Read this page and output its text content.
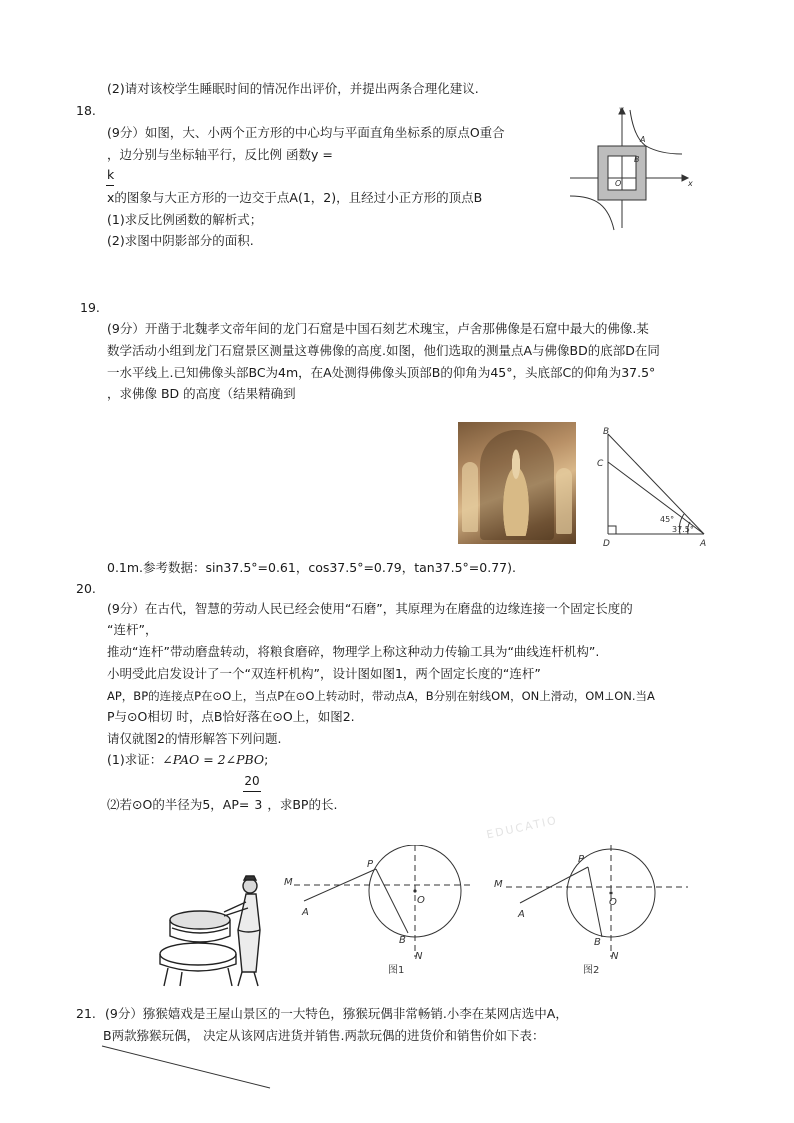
(2)请对该校学生睡眠时间的情况作出评价，并提出两条合理化建议.
18.
(9分）如图，大、小两个正方形的中心均与平面直角坐标系的原点O重合
，边分别与坐标轴平行，反比例 函数y =
k
x的图象与大正方形的一边交于点A(1，2)，且经过小正方形的顶点B
(1)求反比例函数的解析式；
(2)求图中阴影部分的面积.
y
x
A
B
O
19.
(9分）开凿于北魏孝文帝年间的龙门石窟是中国石刻艺术瑰宝，卢舍那佛像是石窟中最大的佛像.某
数学活动小组到龙门石窟景区测量这尊佛像的高度.如图，他们选取的测量点A与佛像BD的底部D在同
一水平线上.已知佛像头部BC为4m，在A处测得佛像头顶部B的仰角为45°，头底部C的仰角为37.5°
，求佛像 BD 的高度（结果精确到
B
C
D	A
45°
37.5°
0.1m.参考数据：sin37.5°=0.61，cos37.5°=0.79，tan37.5°=0.77).
20.
(9分）在古代，智慧的劳动人民已经会使用“石磨”，其原理为在磨盘的边缘连接一个固定长度的
“连杆”，
推动“连杆”带动磨盘转动，将粮食磨碎，物理学上称这种动力传输工具为“曲线连杆机构”.
小明受此启发设计了一个“双连杆机构”，设计图如图1，两个固定长度的“连杆”
AP，BP的连接点P在⊙O上，当点P在⊙O上转动时，带动点A，B分别在射线OM，ON上滑动，OM⊥ON.当A
P与⊙O相切 时，点B恰好落在⊙O上，如图2.
请仅就图2的情形解答下列问题.
(1)求证：∠PAO = 2∠PBO;
20
⑵若⊙O的半径为5，AP= 3 ，求BP的长.
EDUCATIO
M
A
P
O
B
N
图1
M
A
P
O
B
N
图2
21. (9分）猕猴嬉戏是王屋山景区的一大特色，猕猴玩偶非常畅销.小李在某网店选中A，
B两款猕猴玩偶， 决定从该网店进货并销售.两款玩偶的进货价和销售价如下表：
